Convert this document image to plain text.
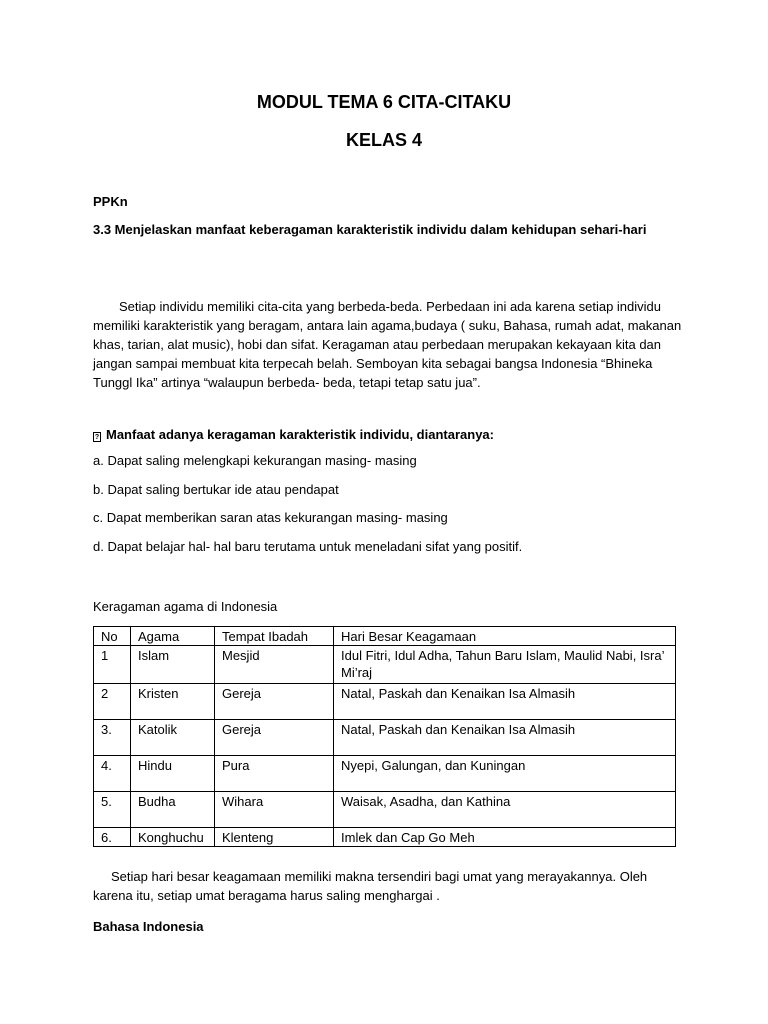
MODUL TEMA 6 CITA-CITAKU
KELAS 4
PPKn
3.3 Menjelaskan manfaat keberagaman karakteristik individu dalam kehidupan sehari-hari
Setiap individu memiliki cita-cita yang berbeda-beda. Perbedaan ini ada karena setiap individu memiliki karakteristik yang beragam, antara lain agama,budaya ( suku, Bahasa, rumah adat, makanan khas, tarian, alat music), hobi dan sifat. Keragaman atau perbedaan merupakan kekayaan kita dan jangan sampai membuat kita terpecah belah. Semboyan kita sebagai bangsa Indonesia “Bhineka Tunggl Ika” artinya “walaupun berbeda- beda, tetapi tetap satu jua”.
? Manfaat adanya keragaman karakteristik individu, diantaranya:
a. Dapat saling melengkapi kekurangan masing- masing
b. Dapat saling bertukar ide atau pendapat
c. Dapat memberikan saran atas kekurangan masing- masing
d. Dapat belajar hal- hal baru terutama untuk meneladani sifat yang positif.
Keragaman agama di Indonesia
No	Agama	Tempat Ibadah	Hari Besar Keagamaan
1	Islam	Mesjid	Idul Fitri, Idul Adha, Tahun Baru Islam, Maulid Nabi, Isra’ Mi’raj
2	Kristen	Gereja	Natal, Paskah dan Kenaikan Isa Almasih
3.	Katolik	Gereja	Natal, Paskah dan Kenaikan Isa Almasih
4.	Hindu	Pura	Nyepi, Galungan, dan Kuningan
5.	Budha	Wihara	Waisak, Asadha, dan Kathina
6.	Konghuchu	Klenteng	Imlek dan Cap Go Meh
Setiap hari besar keagamaan memiliki makna tersendiri bagi umat yang merayakannya. Oleh karena itu, setiap umat beragama harus saling menghargai .
Bahasa Indonesia
